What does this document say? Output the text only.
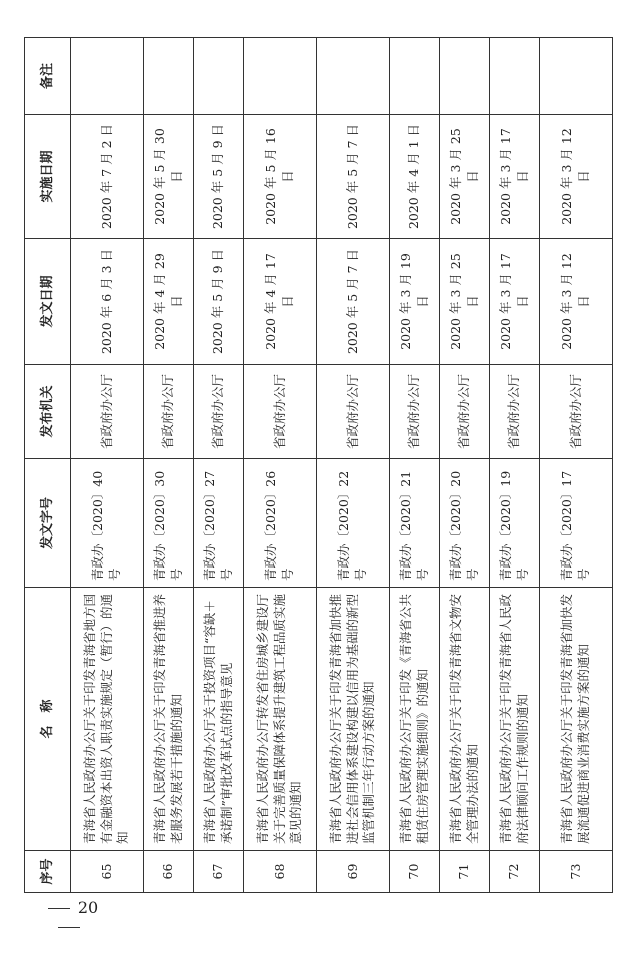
序号	名　称	发文字号	发布机关	发文日期	实施日期	备注
65	青海省人民政府办公厅关于印发青海省地方国有金融资本出资人职责实施规定（暂行）的通知	青政办〔2020〕40 号	省政府办公厅	2020 年 6 月 3 日	2020 年 7 月 2 日	
66	青海省人民政府办公厅关于印发青海省推进养老服务发展若干措施的通知	青政办〔2020〕30 号	省政府办公厅	2020 年 4 月 29 日	2020 年 5 月 30 日	
67	青海省人民政府办公厅关于投资项目“容缺＋承诺制”审批改革试点的指导意见	青政办〔2020〕27 号	省政府办公厅	2020 年 5 月 9 日	2020 年 5 月 9 日	
68	青海省人民政府办公厅转发省住房城乡建设厅关于完善质量保障体系提升建筑工程品质实施意见的通知	青政办〔2020〕26 号	省政府办公厅	2020 年 4 月 17 日	2020 年 5 月 16 日	
69	青海省人民政府办公厅关于印发青海省加快推进社会信用体系建设构建以信用为基础的新型监管机制三年行动方案的通知	青政办〔2020〕22 号	省政府办公厅	2020 年 5 月 7 日	2020 年 5 月 7 日	
70	青海省人民政府办公厅关于印发《青海省公共租赁住房管理实施细则》的通知	青政办〔2020〕21 号	省政府办公厅	2020 年 3 月 19 日	2020 年 4 月 1 日	
71	青海省人民政府办公厅关于印发青海省文物安全管理办法的通知	青政办〔2020〕20 号	省政府办公厅	2020 年 3 月 25 日	2020 年 3 月 25 日	
72	青海省人民政府办公厅关于印发青海省人民政府法律顾问工作规则的通知	青政办〔2020〕19 号	省政府办公厅	2020 年 3 月 17 日	2020 年 3 月 17 日	
73	青海省人民政府办公厅关于印发青海省加快发展流通促进商业消费实施方案的通知	青政办〔2020〕17 号	省政府办公厅	2020 年 3 月 12 日	2020 年 3 月 12 日	
20
